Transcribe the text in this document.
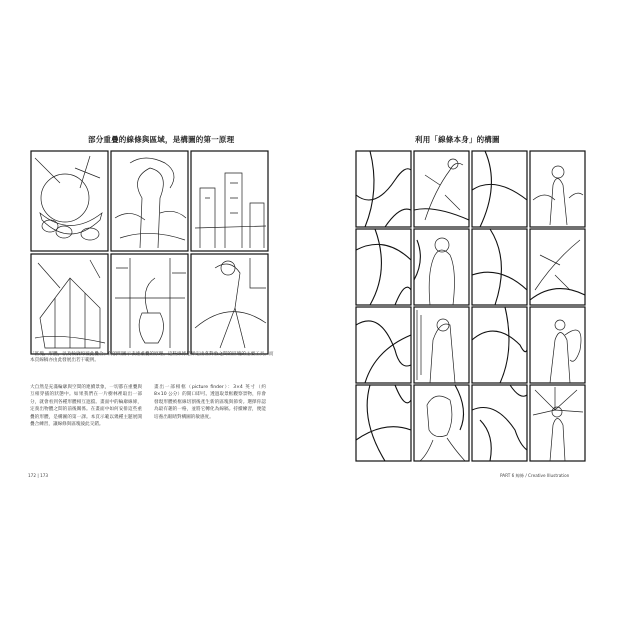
部分重疊的線條與區域，是構圖的第一原理
「區塊、形體，以及輪廓線彼此疊合」的說明圖示表達重疊的原理，這些線條是界定出各對象之間的區塊的主要工具，而本頁線稿亦由此發展出若干範例。
大自然是充滿輪廓與空間的連續景象，一切都在重疊與互相穿插的狀態中。如果我們在一片樹林裡取出一部分，就會看到各種形體相互遮擋。畫面中的輪廓線條，定義出物體之間的前後關係。在畫面中如何安排這些重疊的形體，是構圖的第一課。本頁示範以幾種主題展開疊合練習，讓線條與區塊彼此交錯。
畫出一部相框（picture finder）：3×4 英寸（約 8×10 公分）的開口即可。透過取景框觀察景物，你會發現形體被框線切割後產生新的區塊與節奏。選擇你認為最有趣的一格，並將它轉化為線稿。持續練習，便能培養出眼睛對構圖的敏感度。
172 | 173
利用「線條本身」的構圖
PART 6 線條 / Creative Illustration
